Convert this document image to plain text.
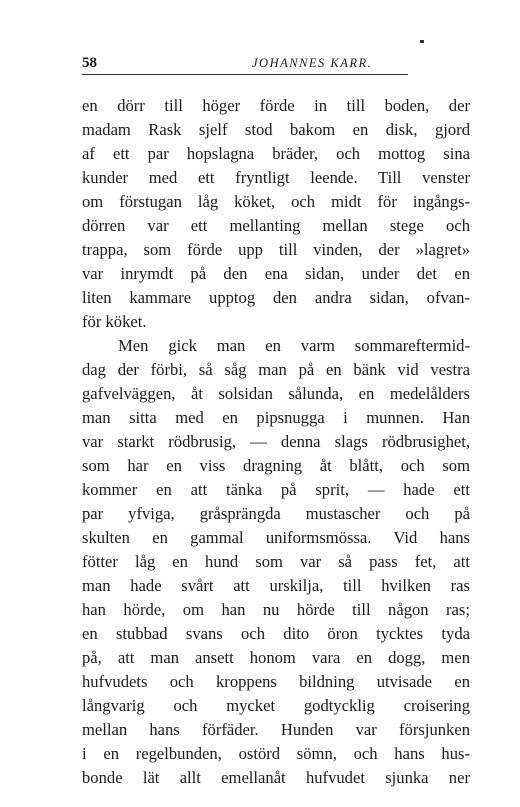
58	JOHANNES KARR.
en dörr till höger förde in till boden, der
madam Rask sjelf stod bakom en disk, gjord
af ett par hopslagna bräder, och mottog sina
kunder med ett fryntligt leende. Till venster
om förstugan låg köket, och midt för ingångs-
dörren var ett mellanting mellan stege och
trappa, som förde upp till vinden, der »lagret»
var inrymdt på den ena sidan, under det en
liten kammare upptog den andra sidan, ofvan-
för köket.
Men gick man en varm sommareftermid-
dag der förbi, så såg man på en bänk vid vestra
gafvelväggen, åt solsidan sålunda, en medelålders
man sitta med en pipsnugga i munnen. Han
var starkt rödbrusig, — denna slags rödbrusighet,
som har en viss dragning åt blått, och som
kommer en att tänka på sprit, — hade ett
par yfviga, gråsprängda mustascher och på
skulten en gammal uniformsmössa. Vid hans
fötter låg en hund som var så pass fet, att
man hade svårt att urskilja, till hvilken ras
han hörde, om han nu hörde till någon ras;
en stubbad svans och dito öron tycktes tyda
på, att man ansett honom vara en dogg, men
hufvudets och kroppens bildning utvisade en
långvarig och mycket godtycklig croisering
mellan hans förfäder. Hunden var försjunken
i en regelbunden, ostörd sömn, och hans hus-
bonde lät allt emellanåt hufvudet sjunka ner
